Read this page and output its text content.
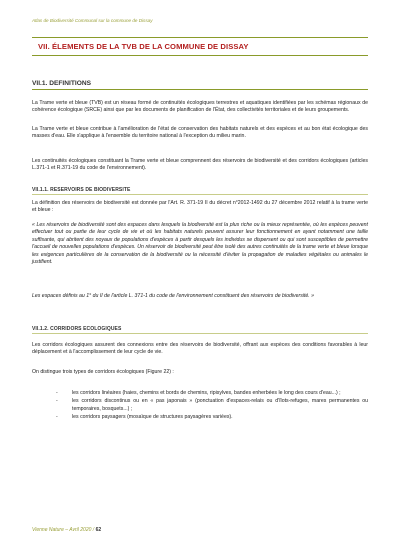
Atlas de Biodiversité Communal sur la commune de Dissay
VII. ÉLEMENTS DE LA TVB DE LA COMMUNE DE DISSAY
VII.1. DEFINITIONS
La Trame verte et bleue (TVB) est un réseau formé de continuités écologiques terrestres et aquatiques identifiées par les schémas régionaux de cohérence écologique (SRCE) ainsi que par les documents de planification de l'État, des collectivités territoriales et de leurs groupements.
La Trame verte et bleue contribue à l'amélioration de l'état de conservation des habitats naturels et des espèces et au bon état écologique des masses d'eau. Elle s'applique à l'ensemble du territoire national à l'exception du milieu marin.
Les continuités écologiques constituant la Trame verte et bleue comprennent des réservoirs de biodiversité et des corridors écologiques (articles L.371-1 et R.371-19 du code de l'environnement).
VII.1.1. RESERVOIRS DE BIODIVERSITE
La définition des réservoirs de biodiversité est donnée par l'Art. R. 371-19 II du décret n°2012-1492 du 27 décembre 2012 relatif à la trame verte et bleue :
« Les réservoirs de biodiversité sont des espaces dans lesquels la biodiversité est la plus riche ou la mieux représentée, où les espèces peuvent effectuer tout ou partie de leur cycle de vie et où les habitats naturels peuvent assurer leur fonctionnement en ayant notamment une taille suffisante, qui abritent des noyaux de populations d'espèces à partir desquels les individus se dispersent ou qui sont susceptibles de permettre l'accueil de nouvelles populations d'espèces. Un réservoir de biodiversité peut être isolé des autres continuités de la trame verte et bleue lorsque les exigences particulières de la conservation de la biodiversité ou la nécessité d'éviter la propagation de maladies végétales ou animales le justifient.
Les espaces définis au 1° du II de l'article L. 371-1 du code de l'environnement constituent des réservoirs de biodiversité. »
VII.1.2. CORRIDORS ECOLOGIQUES
Les corridors écologiques assurent des connexions entre des réservoirs de biodiversité, offrant aux espèces des conditions favorables à leur déplacement et à l'accomplissement de leur cycle de vie.
On distingue trois types de corridors écologiques (Figure 22) :
-	les corridors linéaires (haies, chemins et bords de chemins, ripisylves, bandes enherbées le long des cours d'eau...) ;
-	les corridors discontinus ou en « pas japonais » (ponctuation d'espaces-relais ou d'îlots-refuges, mares permanentes ou temporaires, bosquets...) ;
-	les corridors paysagers (mosaïque de structures paysagères variées).
Vienne Nature – Avril 2020 / 62
